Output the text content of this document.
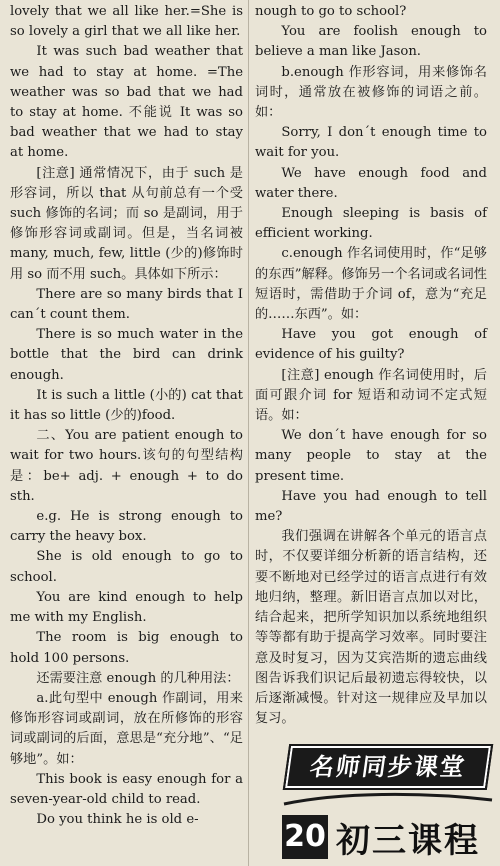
lovely that we all like her.=She is so lovely a girl that we all like her.

It was such bad weather that we had to stay at home. =The weather was so bad that we had to stay at home. 不能说 It was so bad weather that we had to stay at home.

[注意] 通常情况下，由于 such 是形容词，所以 that 从句前总有一个受 such 修饰的名词；而 so 是副词，用于修饰形容词或副词。但是，当名词被 many, much, few, little (少的)修饰时用 so 而不用 such。具体如下所示：

There are so many birds that I can´t count them.

There is so much water in the bottle that the bird can drink enough.

It is such a little (小的) cat that it has so little (少的)food.

二、You are patient enough to wait for two hours.该句的句型结构是：be+ adj. + enough + to do sth.

e.g. He is strong enough to carry the heavy box.

She is old enough to go to school.

You are kind enough to help me with my English.

The room is big enough to hold 100 persons.

还需要注意 enough 的几种用法：

a.此句型中 enough 作副词，用来修饰形容词或副词，放在所修饰的形容词或副词的后面，意思是“充分地”、“足够地”。如：

This book is easy enough for a seven-year-old child to read.

Do you think he is old e-

nough to go to school?

You are foolish enough to believe a man like Jason.

b.enough 作形容词，用来修饰名词时，通常放在被修饰的词语之前。如：

Sorry, I don´t enough time to wait for you.

We have enough food and water there.

Enough sleeping is basis of efficient working.

c.enough 作名词使用时，作“足够的东西”解释。修饰另一个名词或名词性短语时，需借助于介词 of，意为“充足的……东西”。如：

Have you got enough of evidence of his guilty?

[注意] enough 作名词使用时，后面可跟介词 for 短语和动词不定式短语。如：

We don´t have enough for so many people to stay at the present time.

Have you had enough to tell me?

我们强调在讲解各个单元的语言点时，不仅要详细分析新的语言结构，还要不断地对已经学过的语言点进行有效地归纳，整理。新旧语言点加以对比，结合起来，把所学知识加以系统地组织等等都有助于提高学习效率。同时要注意及时复习，因为艾宾浩斯的遗忘曲线图告诉我们识记后最初遗忘得较快，以后逐渐减慢。针对这一规律应及早加以复习。

名师同步课堂
20 初三课程
